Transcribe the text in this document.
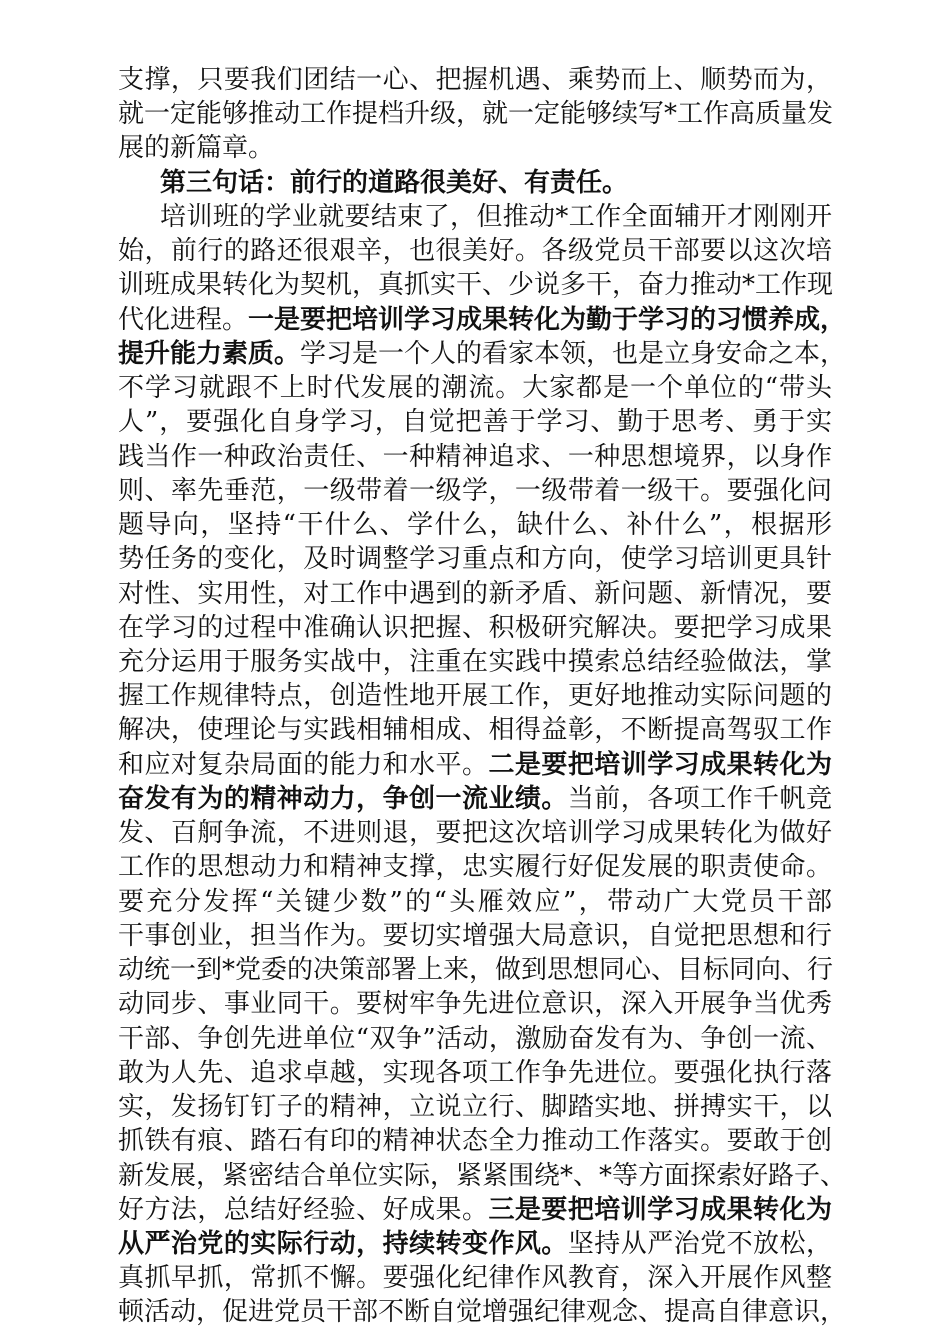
支撑，只要我们团结一心、把握机遇、乘势而上、顺势而为，
就一定能够推动工作提档升级，就一定能够续写*工作高质量发
展的新篇章。
第三句话：前行的道路很美好、有责任。
培训班的学业就要结束了，但推动*工作全面辅开才刚刚开
始，前行的路还很艰辛，也很美好。各级党员干部要以这次培
训班成果转化为契机，真抓实干、少说多干，奋力推动*工作现
代化进程。一是要把培训学习成果转化为勤于学习的习惯养成，
提升能力素质。学习是一个人的看家本领，也是立身安命之本，
不学习就跟不上时代发展的潮流。大家都是一个单位的“带头
人”，要强化自身学习，自觉把善于学习、勤于思考、勇于实
践当作一种政治责任、一种精神追求、一种思想境界，以身作
则、率先垂范，一级带着一级学，一级带着一级干。要强化问
题导向，坚持“干什么、学什么，缺什么、补什么”，根据形
势任务的变化，及时调整学习重点和方向，使学习培训更具针
对性、实用性，对工作中遇到的新矛盾、新问题、新情况，要
在学习的过程中准确认识把握、积极研究解决。要把学习成果
充分运用于服务实战中，注重在实践中摸索总结经验做法，掌
握工作规律特点，创造性地开展工作，更好地推动实际问题的
解决，使理论与实践相辅相成、相得益彰，不断提高驾驭工作
和应对复杂局面的能力和水平。二是要把培训学习成果转化为
奋发有为的精神动力，争创一流业绩。当前，各项工作千帆竞
发、百舸争流，不进则退，要把这次培训学习成果转化为做好
工作的思想动力和精神支撑，忠实履行好促发展的职责使命。
要充分发挥“关键少数”的“头雁效应”，带动广大党员干部
干事创业，担当作为。要切实增强大局意识，自觉把思想和行
动统一到*党委的决策部署上来，做到思想同心、目标同向、行
动同步、事业同干。要树牢争先进位意识，深入开展争当优秀
干部、争创先进单位“双争”活动，激励奋发有为、争创一流、
敢为人先、追求卓越，实现各项工作争先进位。要强化执行落
实，发扬钉钉子的精神，立说立行、脚踏实地、拼搏实干，以
抓铁有痕、踏石有印的精神状态全力推动工作落实。要敢于创
新发展，紧密结合单位实际，紧紧围绕*、*等方面探索好路子、
好方法，总结好经验、好成果。三是要把培训学习成果转化为
从严治党的实际行动，持续转变作风。坚持从严治党不放松，
真抓早抓，常抓不懈。要强化纪律作风教育，深入开展作风整
顿活动，促进党员干部不断自觉增强纪律观念、提高自律意识，
